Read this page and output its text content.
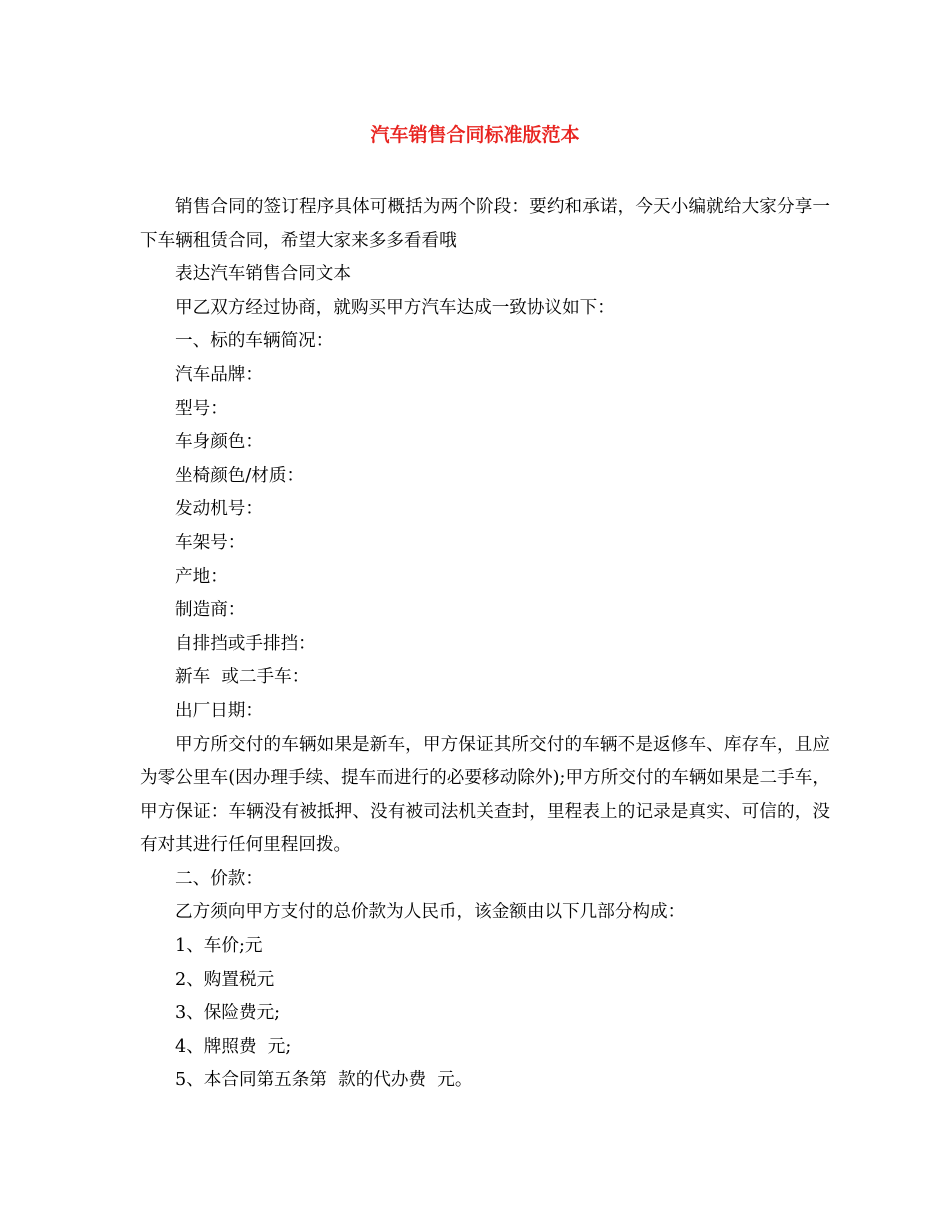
汽车销售合同标准版范本

销售合同的签订程序具体可概括为两个阶段：要约和承诺，今天小编就给大家分享一下车辆租赁合同，希望大家来多多看看哦

表达汽车销售合同文本

甲乙双方经过协商，就购买甲方汽车达成一致协议如下：

一、标的车辆简况：

汽车品牌：

型号：

车身颜色：

坐椅颜色/材质：

发动机号：

车架号：

产地：

制造商：

自排挡或手排挡：

新车  或二手车：

出厂日期：

甲方所交付的车辆如果是新车，甲方保证其所交付的车辆不是返修车、库存车，且应为零公里车(因办理手续、提车而进行的必要移动除外);甲方所交付的车辆如果是二手车，甲方保证：车辆没有被抵押、没有被司法机关查封，里程表上的记录是真实、可信的，没有对其进行任何里程回拨。

二、价款：

乙方须向甲方支付的总价款为人民币，该金额由以下几部分构成：

1、车价;元

2、购置税元

3、保险费元;

4、牌照费  元;

5、本合同第五条第  款的代办费  元。
